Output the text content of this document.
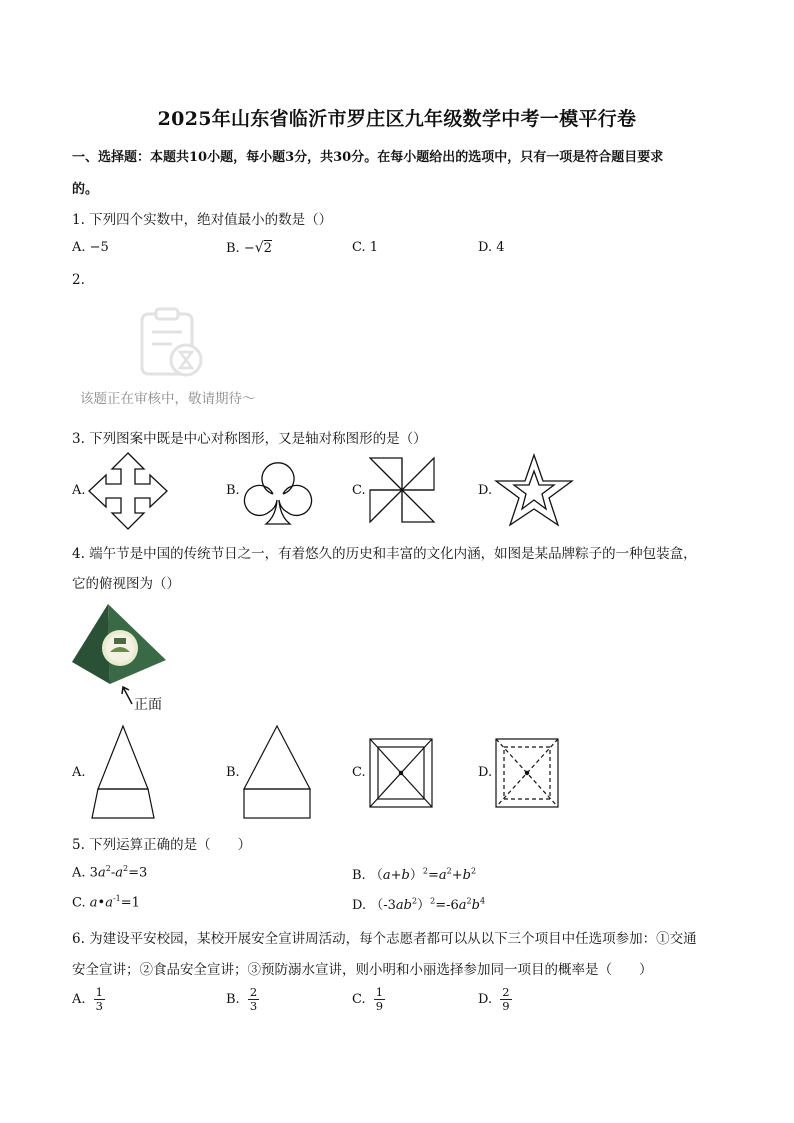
2025年山东省临沂市罗庄区九年级数学中考一模平行卷
一、选择题：本题共10小题，每小题3分，共30分。在每小题给出的选项中，只有一项是符合题目要求
的。
1. 下列四个实数中，绝对值最小的数是（）
A. −5	B. −√2	C. 1	D. 4
2.
该题正在审核中，敬请期待～
3. 下列图案中既是中心对称图形，又是轴对称图形的是（）
A.	B.	C.	D.
4. 端午节是中国的传统节日之一，有着悠久的历史和丰富的文化内涵，如图是某品牌粽子的一种包装盒，
它的俯视图为（）
正面
A.	B.	C.	D.
5. 下列运算正确的是（　　）
A. $3a^2-a^2=3$	B. $(a+b)^2=a^2+b^2$
C. $a•a^{-1}=1$	D. $(-3ab^2)^2=-6a^2b^4$
6. 为建设平安校园，某校开展安全宣讲周活动，每个志愿者都可以从以下三个项目中任选项参加：①交通
安全宣讲；②食品安全宣讲；③预防溺水宣讲，则小明和小丽选择参加同一项目的概率是（　　）
A. $\frac{1}{3}$	B. $\frac{2}{3}$	C. $\frac{1}{9}$	D. $\frac{2}{9}$
